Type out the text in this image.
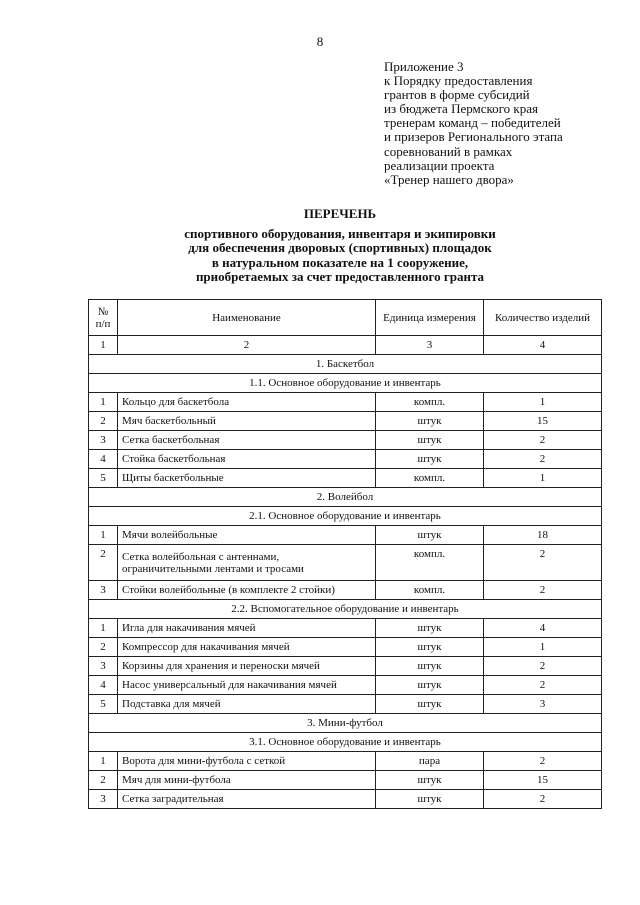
8
Приложение 3
к Порядку предоставления
грантов в форме субсидий
из бюджета Пермского края
тренерам команд – победителей
и призеров Регионального этапа
соревнований в рамках
реализации проекта
«Тренер нашего двора»
ПЕРЕЧЕНЬ
спортивного оборудования, инвентаря и экипировки
для обеспечения дворовых (спортивных) площадок
в натуральном показателе на 1 сооружение,
приобретаемых за счет предоставленного гранта
№ п/п	Наименование	Единица измерения	Количество изделий
1	2	3	4
1. Баскетбол			
1.1. Основное оборудование и инвентарь			
1	Кольцо для баскетбола	компл.	1
2	Мяч баскетбольный	штук	15
3	Сетка баскетбольная	штук	2
4	Стойка баскетбольная	штук	2
5	Щиты баскетбольные	компл.	1
2. Волейбол			
2.1. Основное оборудование и инвентарь			
1	Мячи волейбольные	штук	18
2	Сетка волейбольная с антеннами, ограничительными лентами и тросами	компл.	2
3	Стойки волейбольные (в комплекте 2 стойки)	компл.	2
2.2. Вспомогательное оборудование и инвентарь			
1	Игла для накачивания мячей	штук	4
2	Компрессор для накачивания мячей	штук	1
3	Корзины для хранения и переноски мячей	штук	2
4	Насос универсальный для накачивания мячей	штук	2
5	Подставка для мячей	штук	3
3. Мини-футбол			
3.1. Основное оборудование и инвентарь			
1	Ворота для мини-футбола с сеткой	пара	2
2	Мяч для мини-футбола	штук	15
3	Сетка заградительная	штук	2
